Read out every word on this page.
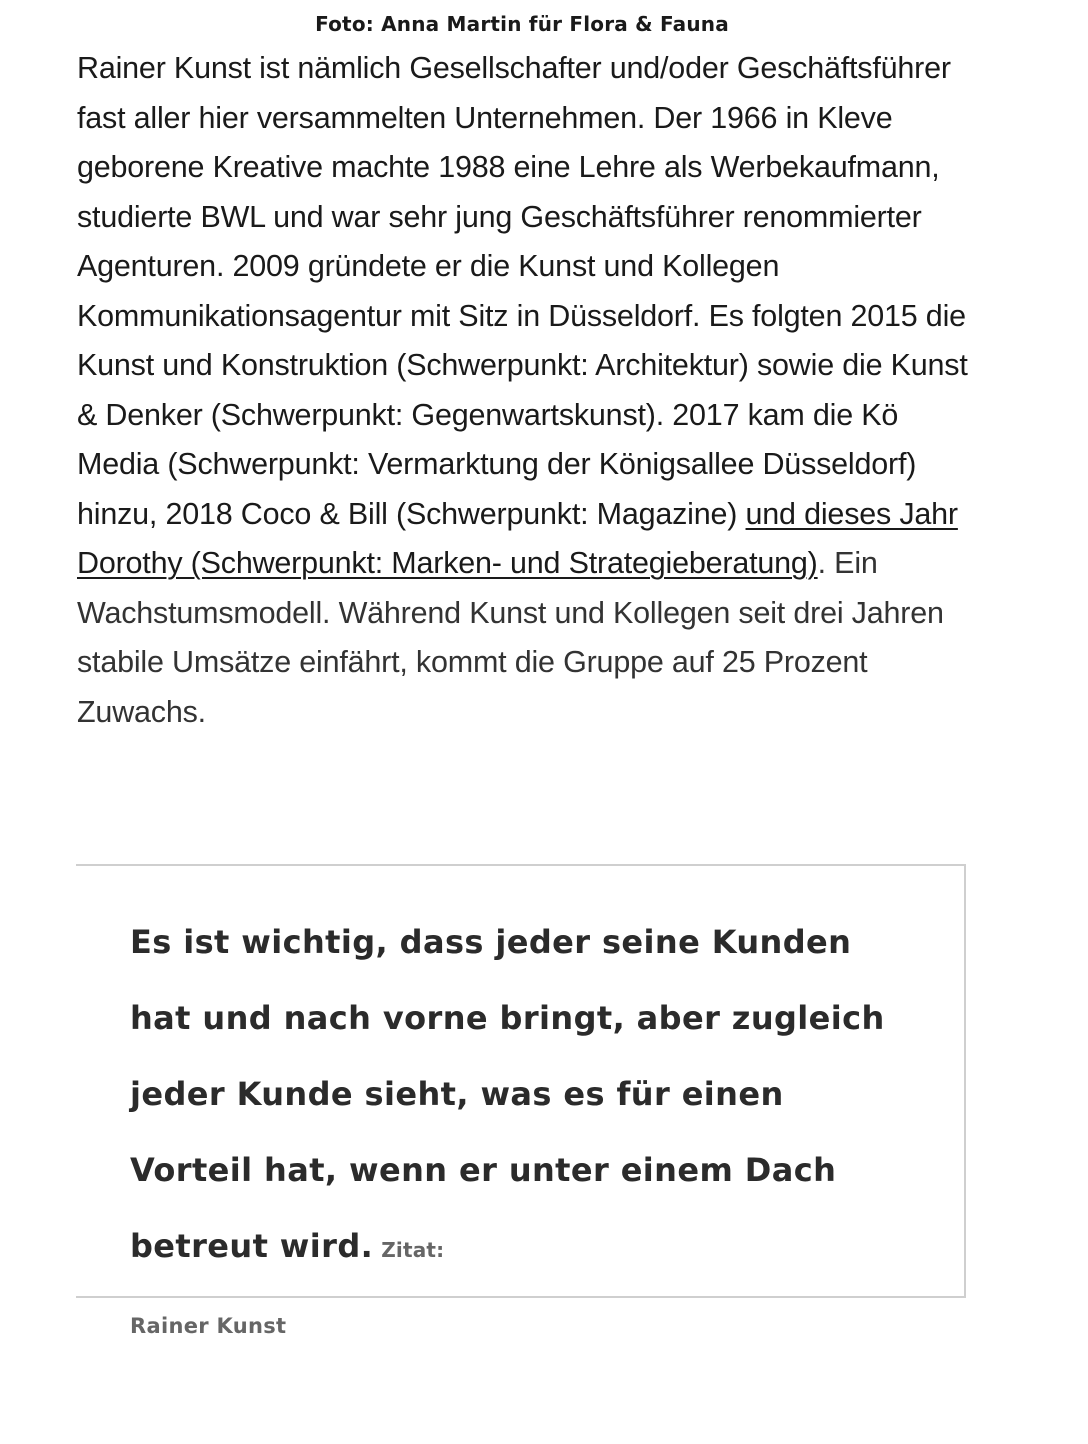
Foto: Anna Martin für Flora & Fauna

Rainer Kunst ist nämlich Gesellschafter und/oder Geschäftsführer fast aller hier versammelten Unternehmen. Der 1966 in Kleve geborene Kreative machte 1988 eine Lehre als Werbekaufmann, studierte BWL und war sehr jung Geschäftsführer renommierter Agenturen. 2009 gründete er die Kunst und Kollegen Kommunikationsagentur mit Sitz in Düsseldorf. Es folgten 2015 die Kunst und Konstruktion (Schwerpunkt: Architektur) sowie die Kunst & Denker (Schwerpunkt: Gegenwartskunst). 2017 kam die Kö Media (Schwerpunkt: Vermarktung der Königsallee Düsseldorf) hinzu, 2018 Coco & Bill (Schwerpunkt: Magazine) und dieses Jahr Dorothy (Schwerpunkt: Marken- und Strategieberatung). Ein Wachstumsmodell. Während Kunst und Kollegen seit drei Jahren stabile Umsätze einfährt, kommt die Gruppe auf 25 Prozent Zuwachs.

Es ist wichtig, dass jeder seine Kunden hat und nach vorne bringt, aber zugleich jeder Kunde sieht, was es für einen Vorteil hat, wenn er unter einem Dach betreut wird. Zitat:
Rainer Kunst
